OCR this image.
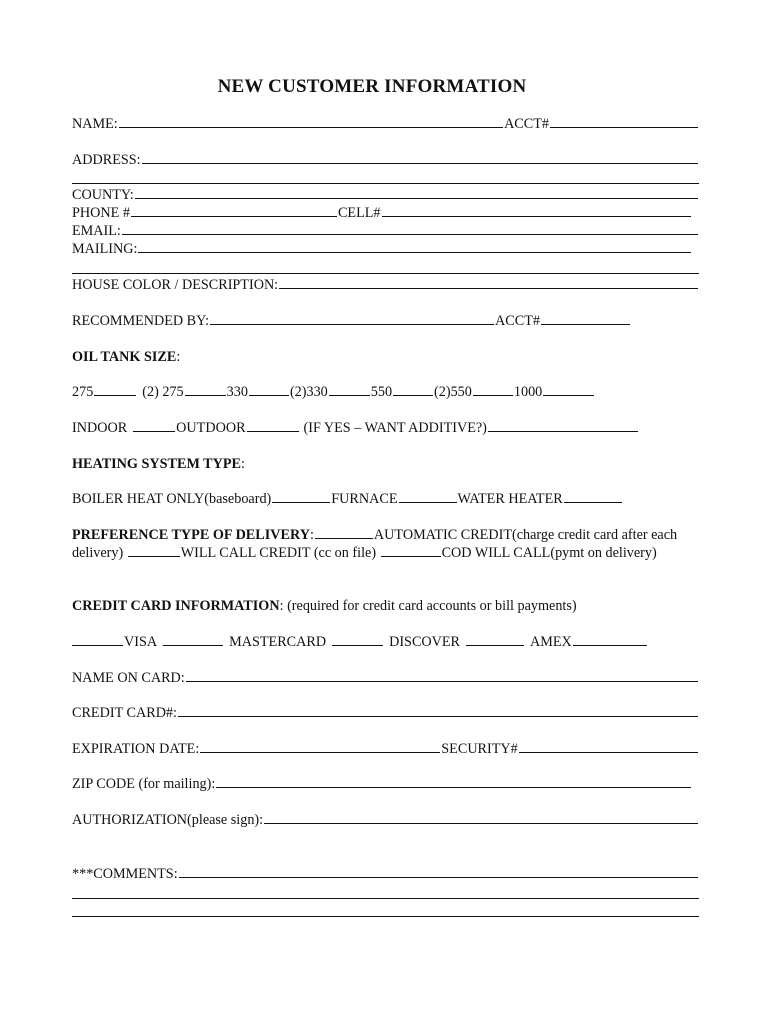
NEW CUSTOMER INFORMATION
NAME:	ACCT#
ADDRESS:
COUNTY:
PHONE #	CELL#
EMAIL:
MAILING:
HOUSE COLOR / DESCRIPTION:
RECOMMENDED BY:	ACCT#
OIL TANK SIZE :
275	(2) 275	330	(2)330	550	(2)550	1000
INDOOR	OUTDOOR	(IF YES – WANT ADDITIVE?)
HEATING SYSTEM TYPE :
BOILER HEAT ONLY(baseboard)	FURNACE	WATER HEATER
PREFERENCE TYPE OF DELIVERY:	AUTOMATIC CREDIT(charge credit card after each delivery)	WILL CALL CREDIT (cc on file)	COD WILL CALL(pymt on delivery)
CREDIT CARD INFORMATION : (required for credit card accounts or bill payments)
VISA	MASTERCARD	DISCOVER	AMEX
NAME ON CARD:
CREDIT CARD#:
EXPIRATION DATE:	SECURITY#
ZIP CODE (for mailing):
AUTHORIZATION(please sign):
***COMMENTS:
